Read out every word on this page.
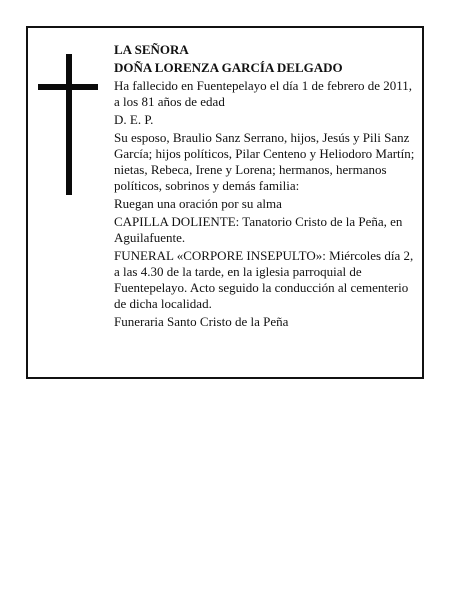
LA SEÑORA

DOÑA LORENZA GARCÍA DELGADO

Ha fallecido en Fuentepelayo el día 1 de febrero de 2011, a los 81 años de edad

D. E. P.

Su esposo, Braulio Sanz Serrano, hijos, Jesús y Pili Sanz García; hijos políticos, Pilar Centeno y Heliodoro Martín; nietas, Rebeca, Irene y Lorena; hermanos, hermanos políticos, sobrinos y demás familia:

Ruegan una oración por su alma

CAPILLA DOLIENTE: Tanatorio Cristo de la Peña, en Aguilafuente.

FUNERAL «CORPORE INSEPULTO»: Miércoles día 2, a las 4.30 de la tarde, en la iglesia parroquial de Fuentepelayo. Acto seguido la conducción al cementerio de dicha localidad.

Funeraria Santo Cristo de la Peña
